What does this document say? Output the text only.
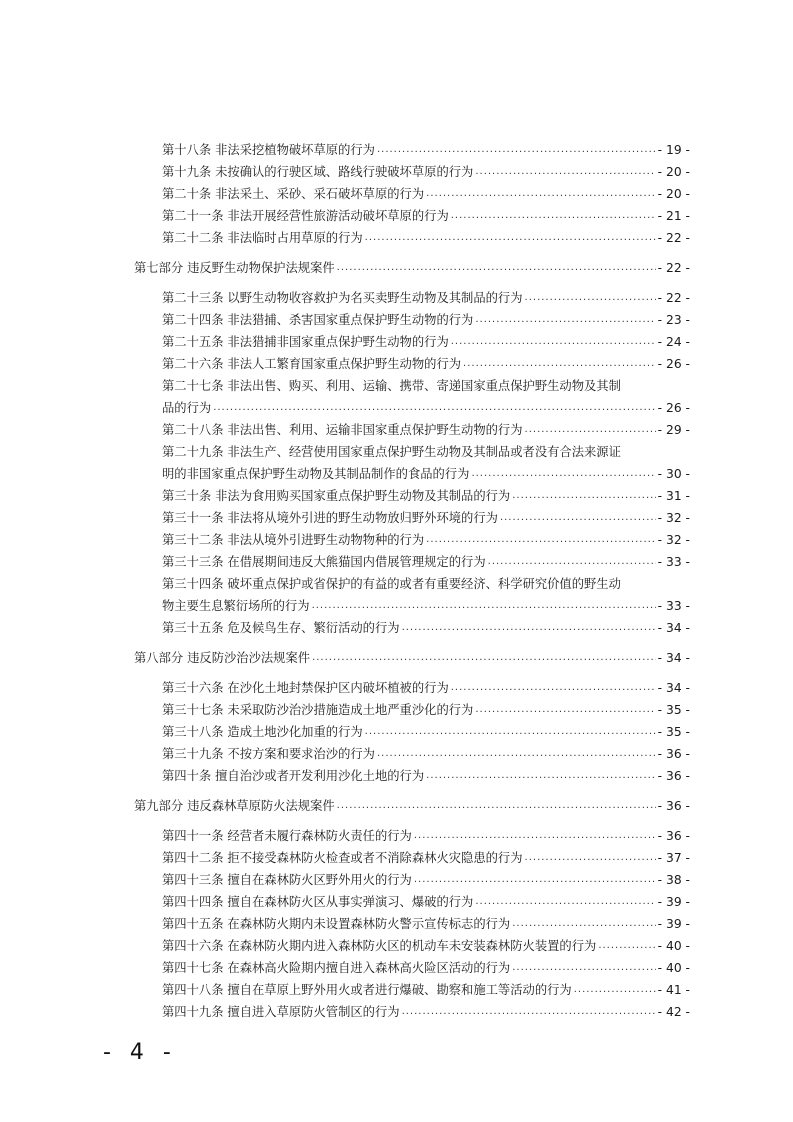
第十八条 非法采挖植物破坏草原的行为 .....	- 19 -
第十九条 未按确认的行驶区域、路线行驶破坏草原的行为 .....	- 20 -
第二十条 非法采土、采砂、采石破坏草原的行为 .....	- 20 -
第二十一条 非法开展经营性旅游活动破坏草原的行为 .....	- 21 -
第二十二条 非法临时占用草原的行为 .....	- 22 -
第七部分 违反野生动物保护法规案件 .....	- 22 -
第二十三条 以野生动物收容救护为名买卖野生动物及其制品的行为 .....	- 22 -
第二十四条 非法猎捕、杀害国家重点保护野生动物的行为 .....	- 23 -
第二十五条 非法猎捕非国家重点保护野生动物的行为 .....	- 24 -
第二十六条 非法人工繁育国家重点保护野生动物的行为 .....	- 26 -
第二十七条 非法出售、购买、利用、运输、携带、寄递国家重点保护野生动物及其制
品的行为 .....	- 26 -
第二十八条 非法出售、利用、运输非国家重点保护野生动物的行为 .....	- 29 -
第二十九条 非法生产、经营使用国家重点保护野生动物及其制品或者没有合法来源证
明的非国家重点保护野生动物及其制品制作的食品的行为 .....	- 30 -
第三十条 非法为食用购买国家重点保护野生动物及其制品的行为 .....	- 31 -
第三十一条 非法将从境外引进的野生动物放归野外环境的行为 .....	- 32 -
第三十二条 非法从境外引进野生动物物种的行为 .....	- 32 -
第三十三条 在借展期间违反大熊猫国内借展管理规定的行为 .....	- 33 -
第三十四条 破坏重点保护或省保护的有益的或者有重要经济、科学研究价值的野生动
物主要生息繁衍场所的行为 .....	- 33 -
第三十五条 危及候鸟生存、繁衍活动的行为 .....	- 34 -
第八部分 违反防沙治沙法规案件 .....	- 34 -
第三十六条 在沙化土地封禁保护区内破坏植被的行为 .....	- 34 -
第三十七条 未采取防沙治沙措施造成土地严重沙化的行为 .....	- 35 -
第三十八条 造成土地沙化加重的行为 .....	- 35 -
第三十九条 不按方案和要求治沙的行为 .....	- 36 -
第四十条 擅自治沙或者开发利用沙化土地的行为 .....	- 36 -
第九部分 违反森林草原防火法规案件 .....	- 36 -
第四十一条 经营者未履行森林防火责任的行为 .....	- 36 -
第四十二条 拒不接受森林防火检查或者不消除森林火灾隐患的行为 .....	- 37 -
第四十三条 擅自在森林防火区野外用火的行为 .....	- 38 -
第四十四条 擅自在森林防火区从事实弹演习、爆破的行为 .....	- 39 -
第四十五条 在森林防火期内未设置森林防火警示宣传标志的行为 .....	- 39 -
第四十六条 在森林防火期内进入森林防火区的机动车未安装森林防火装置的行为 .....	- 40 -
第四十七条 在森林高火险期内擅自进入森林高火险区活动的行为 .....	- 40 -
第四十八条 擅自在草原上野外用火或者进行爆破、勘察和施工等活动的行为 .....	- 41 -
第四十九条 擅自进入草原防火管制区的行为 .....	- 42 -
- 4 -
